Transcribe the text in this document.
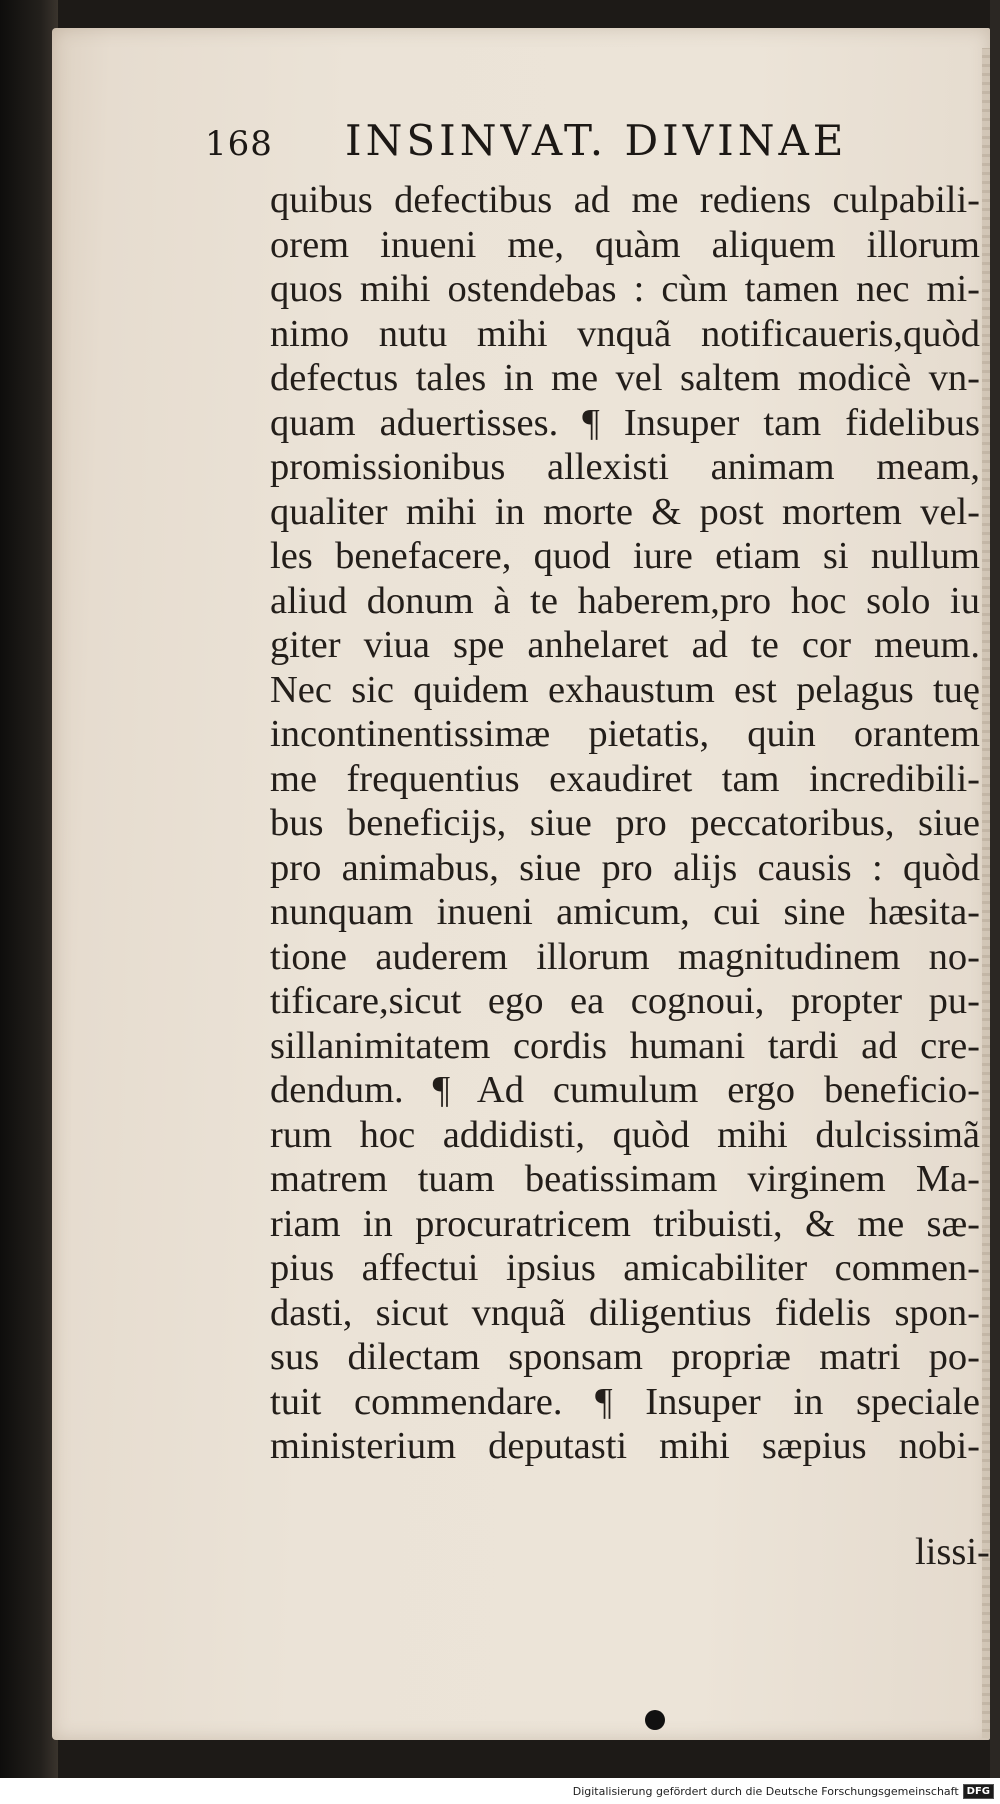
168 INSINVAT. DIVINAE
quibus defectibus ad me rediens culpabili-
orem inueni me, quàm aliquem illorum
quos mihi ostendebas : cùm tamen nec mi-
nimo nutu mihi vnquã notificaueris,quòd
defectus tales in me vel saltem modicè vn-
quam aduertisses. ¶ Insuper tam fidelibus
promissionibus allexisti animam meam,
qualiter mihi in morte & post mortem vel-
les benefacere, quod iure etiam si nullum
aliud donum à te haberem,pro hoc solo iu
giter viua spe anhelaret ad te cor meum.
Nec sic quidem exhaustum est pelagus tuę
incontinentissimæ pietatis, quin orantem
me frequentius exaudiret tam incredibili-
bus beneficijs, siue pro peccatoribus, siue
pro animabus, siue pro alijs causis : quòd
nunquam inueni amicum, cui sine hæsita-
tione auderem illorum magnitudinem no-
tificare,sicut ego ea cognoui, propter pu-
sillanimitatem cordis humani tardi ad cre-
dendum. ¶ Ad cumulum ergo beneficio-
rum hoc addidisti, quòd mihi dulcissimã
matrem tuam beatissimam virginem Ma-
riam in procuratricem tribuisti, & me sæ-
pius affectui ipsius amicabiliter commen-
dasti, sicut vnquã diligentius fidelis spon-
sus dilectam sponsam propriæ matri po-
tuit commendare. ¶ Insuper in speciale
ministerium deputasti mihi sæpius nobi-
lissi-
Digitalisierung gefördert durch die Deutsche Forschungsgemeinschaft DFG
